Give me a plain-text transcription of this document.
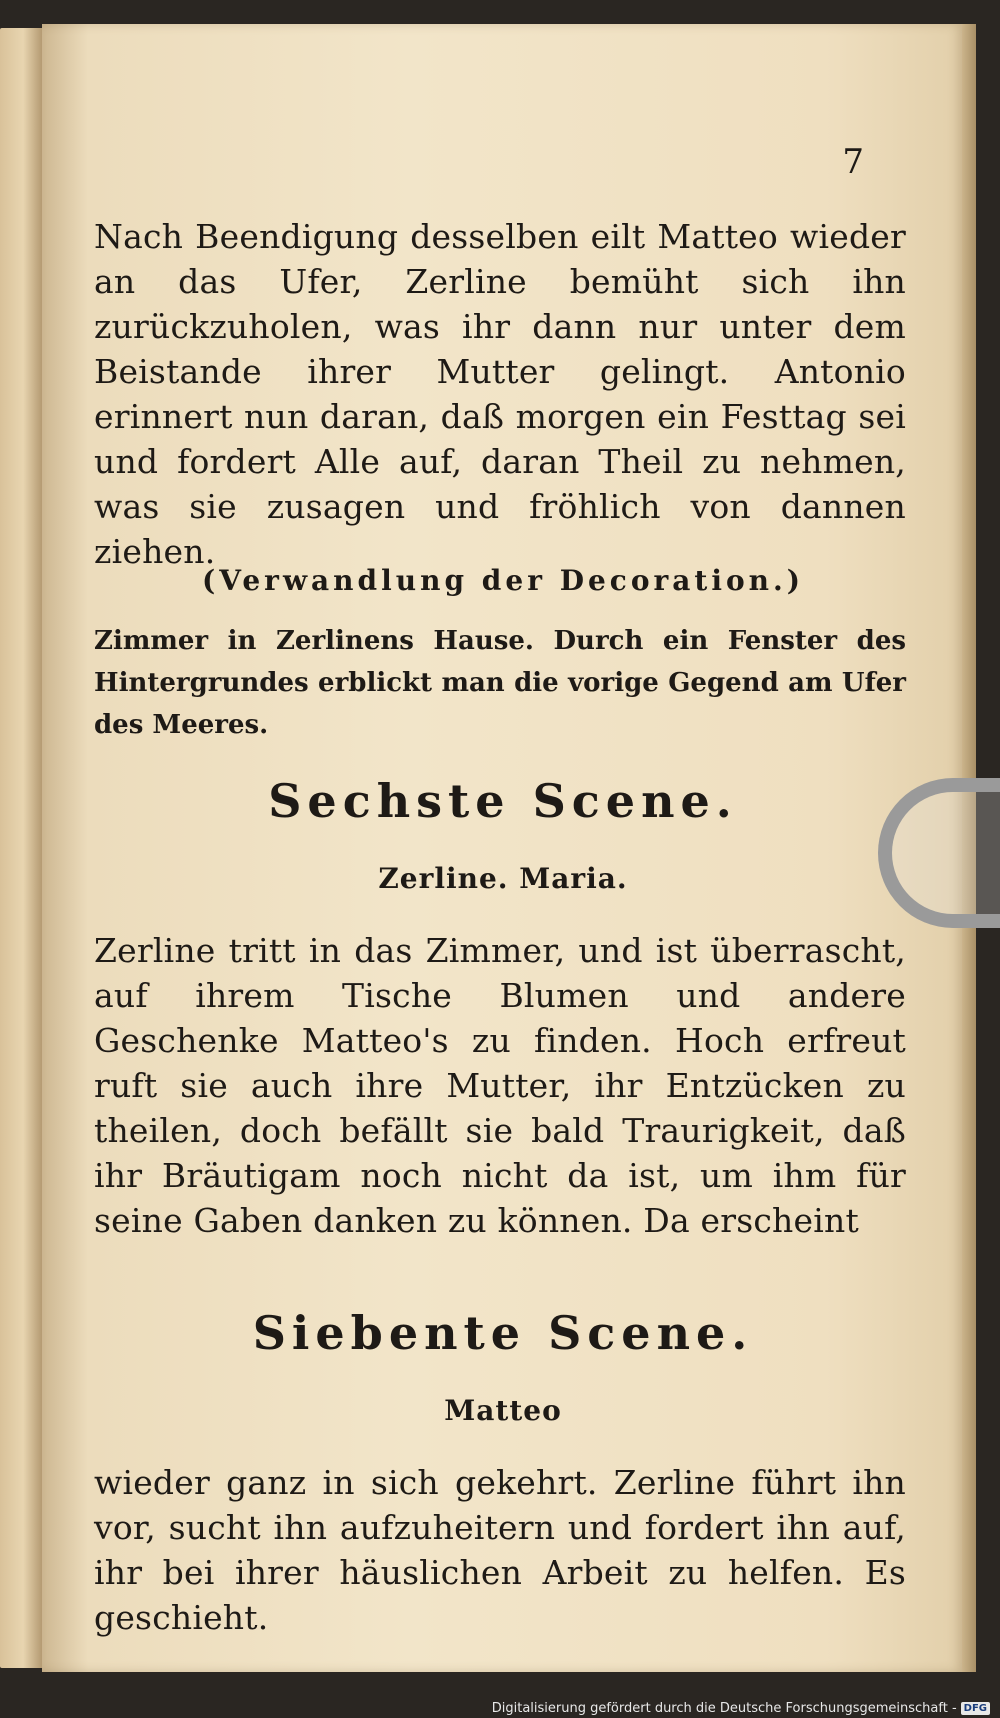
7
Nach Beendigung desselben eilt Matteo wieder an das Ufer, Zerline bemüht sich ihn zurückzuholen, was ihr dann nur unter dem Beistande ihrer Mutter gelingt. Antonio erinnert nun daran, daß morgen ein Festtag sei und fordert Alle auf, daran Theil zu nehmen, was sie zusagen und fröhlich von dannen ziehen.
(Verwandlung der Decoration.)
Zimmer in Zerlinens Hause. Durch ein Fenster des Hintergrundes erblickt man die vorige Gegend am Ufer des Meeres.
Sechste Scene.
Zerline. Maria.
Zerline tritt in das Zimmer, und ist überrascht, auf ihrem Tische Blumen und andere Geschenke Matteo's zu finden. Hoch erfreut ruft sie auch ihre Mutter, ihr Entzücken zu theilen, doch befällt sie bald Traurigkeit, daß ihr Bräutigam noch nicht da ist, um ihm für seine Gaben danken zu können. Da erscheint
Siebente Scene.
Matteo
wieder ganz in sich gekehrt. Zerline führt ihn vor, sucht ihn aufzuheitern und fordert ihn auf, ihr bei ihrer häuslichen Arbeit zu helfen. Es geschieht.
Digitalisierung gefördert durch die Deutsche Forschungsgemeinschaft - DFG
